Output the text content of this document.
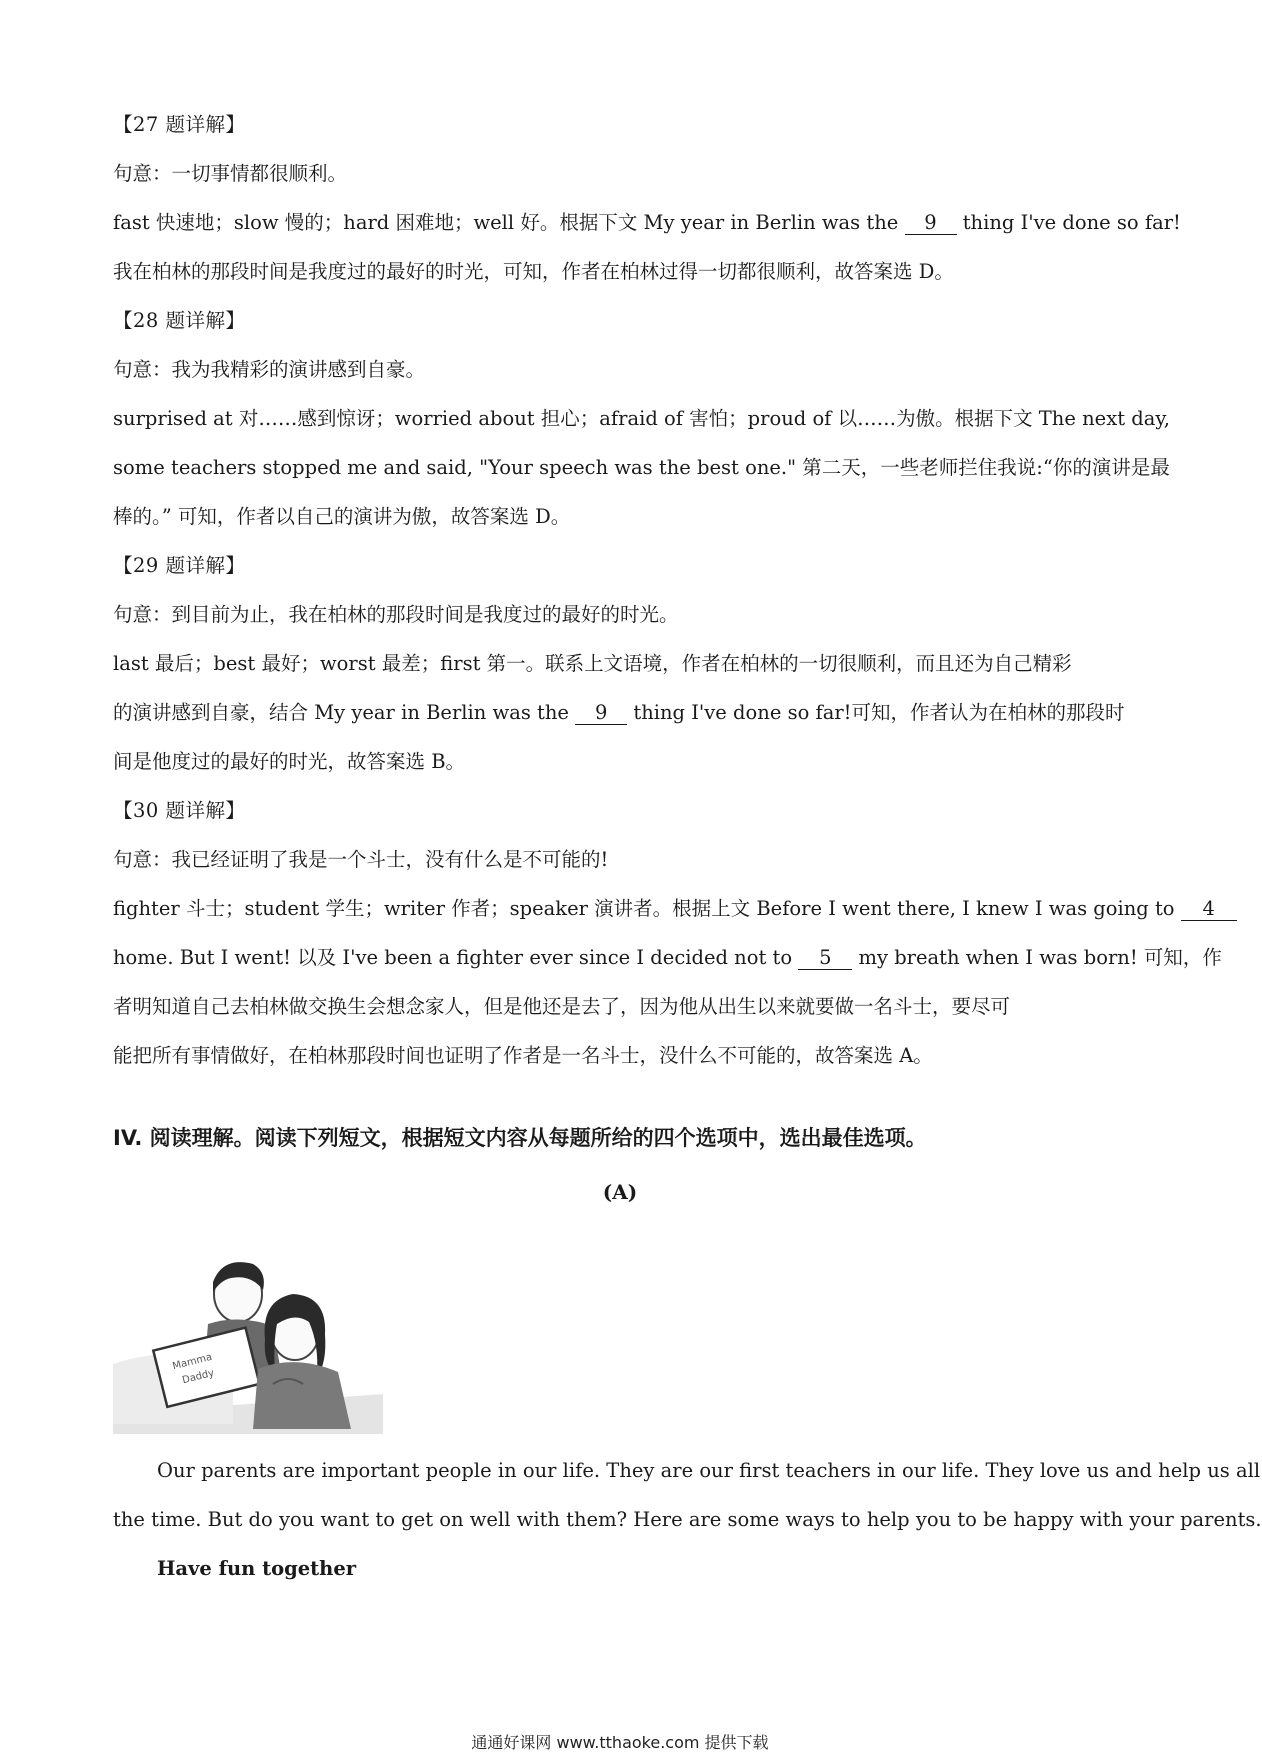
【27 题详解】
句意：一切事情都很顺利。
fast 快速地；slow 慢的；hard 困难地；well 好。根据下文 My year in Berlin was the 9 thing I've done so far!
我在柏林的那段时间是我度过的最好的时光，可知，作者在柏林过得一切都很顺利，故答案选 D。
【28 题详解】
句意：我为我精彩的演讲感到自豪。
surprised at 对……感到惊讶；worried about 担心；afraid of 害怕；proud of 以……为傲。根据下文 The next day,
some teachers stopped me and said, "Your speech was the best one." 第二天，一些老师拦住我说:“你的演讲是最
棒的。” 可知，作者以自己的演讲为傲，故答案选 D。
【29 题详解】
句意：到目前为止，我在柏林的那段时间是我度过的最好的时光。
last 最后；best 最好；worst 最差；first 第一。联系上文语境，作者在柏林的一切很顺利，而且还为自己精彩
的演讲感到自豪，结合 My year in Berlin was the 9 thing I've done so far!可知，作者认为在柏林的那段时
间是他度过的最好的时光，故答案选 B。
【30 题详解】
句意：我已经证明了我是一个斗士，没有什么是不可能的!
fighter 斗士；student 学生；writer 作者；speaker 演讲者。根据上文 Before I went there, I knew I was going to 4
home. But I went! 以及 I've been a fighter ever since I decided not to 5 my breath when I was born! 可知，作
者明知道自己去柏林做交换生会想念家人，但是他还是去了，因为他从出生以来就要做一名斗士，要尽可
能把所有事情做好，在柏林那段时间也证明了作者是一名斗士，没什么不可能的，故答案选 A。
IV. 阅读理解。阅读下列短文，根据短文内容从每题所给的四个选项中，选出最佳选项。
(A)
Mamma
Daddy
Our parents are important people in our life. They are our first teachers in our life. They love us and help us all
the time. But do you want to get on well with them? Here are some ways to help you to be happy with your parents.
Have fun together
通通好课网 www.tthaoke.com 提供下载
